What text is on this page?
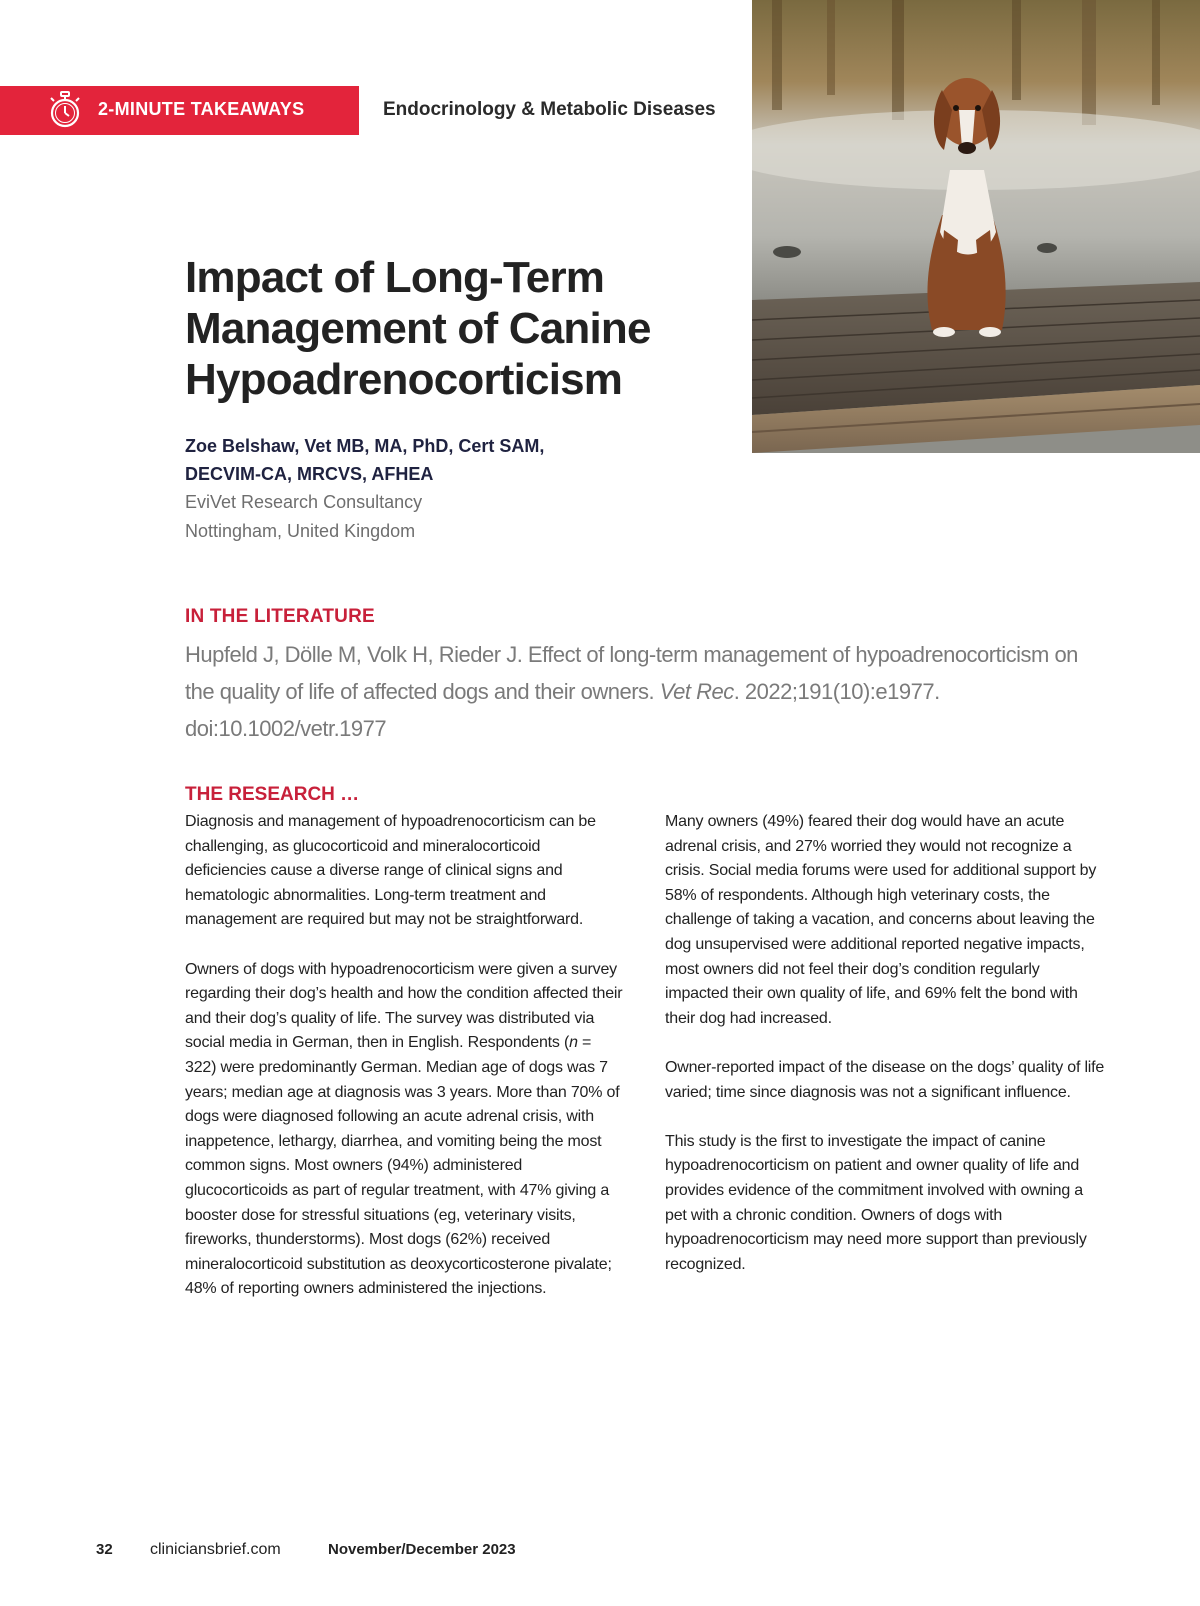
2-MINUTE TAKEAWAYS	Endocrinology & Metabolic Diseases
Impact of Long-Term Management of Canine Hypoadrenocorticism
Zoe Belshaw, Vet MB, MA, PhD, Cert SAM, DECVIM-CA, MRCVS, AFHEA
EviVet Research Consultancy
Nottingham, United Kingdom
IN THE LITERATURE
Hupfeld J, Dölle M, Volk H, Rieder J. Effect of long-term management of hypoadrenocorticism on the quality of life of affected dogs and their owners. Vet Rec. 2022;191(10):e1977. doi:10.1002/vetr.1977
THE RESEARCH …

Diagnosis and management of hypoadrenocorticism can be challenging, as glucocorticoid and mineralocorticoid deficiencies cause a diverse range of clinical signs and hematologic abnormalities. Long-term treatment and management are required but may not be straightforward.

Owners of dogs with hypoadrenocorticism were given a survey regarding their dog’s health and how the condition affected their and their dog’s quality of life. The survey was distributed via social media in German, then in English. Respondents (n = 322) were predominantly German. Median age of dogs was 7 years; median age at diagnosis was 3 years. More than 70% of dogs were diagnosed following an acute adrenal crisis, with inappetence, lethargy, diarrhea, and vomiting being the most common signs. Most owners (94%) administered glucocorticoids as part of regular treatment, with 47% giving a booster dose for stressful situations (eg, veterinary visits, fireworks, thunderstorms). Most dogs (62%) received mineralocorticoid substitution as deoxycorticosterone pivalate; 48% of reporting owners administered the injections.

Many owners (49%) feared their dog would have an acute adrenal crisis, and 27% worried they would not recognize a crisis. Social media forums were used for additional support by 58% of respondents. Although high veterinary costs, the challenge of taking a vacation, and concerns about leaving the dog unsupervised were additional reported negative impacts, most owners did not feel their dog’s condition regularly impacted their own quality of life, and 69% felt the bond with their dog had increased.

Owner-reported impact of the disease on the dogs’ quality of life varied; time since diagnosis was not a significant influence.

This study is the first to investigate the impact of canine hypoadrenocorticism on patient and owner quality of life and provides evidence of the commitment involved with owning a pet with a chronic condition. Owners of dogs with hypoadrenocorticism may need more support than previously recognized.

32	cliniciansbrief.com	November/December 2023
